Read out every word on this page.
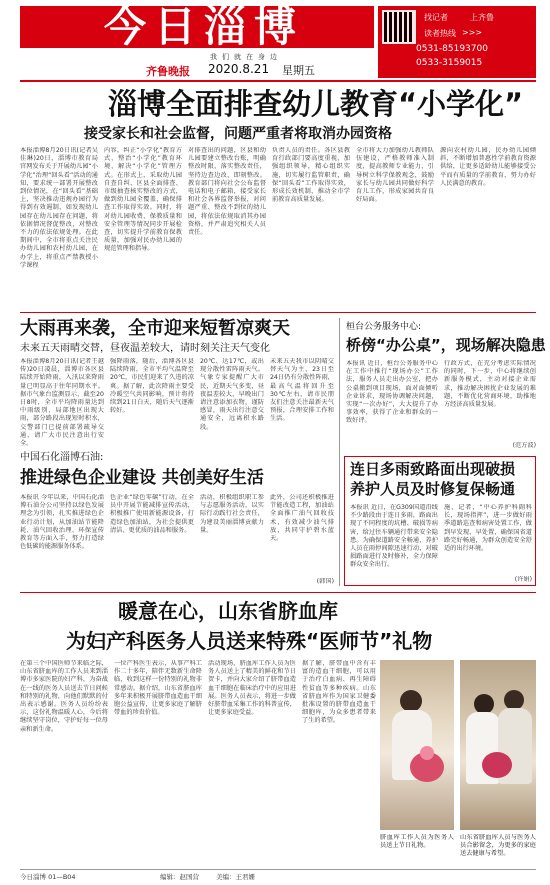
今日淄博
我们就在身边
齐鲁晚报 2020.8.21 星期五
找记者	上齐鲁
读者热线 >>>
0531-85193700
0533-3159015
淄博全面排查幼儿教育“小学化”
接受家长和社会监督，问题严重者将取消办园资格
本报淄博8月20日讯(记者吴佳琳)20日，淄博市教育局官网发布关于开展幼儿园“小学化”治理“回头看”活动的通知，要求统一部署开展整改到位情况，在“回头看”基础上，坚决推动违规办园行为得到有效遏制，如发现幼儿园存在幼儿园存在问题，将依据情况督促整改，对整改不力的依法依规处理。在此期间中，全市将重点关注民办幼儿园和农村幼儿园，在办学上，将重点严禁教授小学课程
内容，纠正“小学化”教育方式，整治“小学化”教育环境，解决“小学化”管理方式。在形式上，采取幼儿园自查自纠、区县全面排查、市级抽查核实整改的方式，做到幼儿园全覆盖，确保排查工作取得实效。同时，将对幼儿园收费、保教质量和安全管理等情况同步开展检查，切实提升学前教育保教质量，加强对民办幼儿园的规范管理和指导。
对排查出的问题，区县和幼儿园要建立整改台账，明确整改时限，落实整改责任，坚持边查边改、即刻整改。教育部门将向社会公布监督电话和电子邮箱，接受家长和社会各界监督举报，对问题严重、整改不到位的幼儿园，将依法依规取消其办园资格，并严肃追究相关人员责任。
负责人员的责任。各区县教育行政部门要高度重视，加强组织领导，精心组织实施，切实履行监管职责，确保“回头看”工作取得实效，形成长效机制，推动全市学前教育高质量发展。
全市将大力加强幼儿教师队伍建设，严格教师准入制度，提高教师专业能力，引导树立科学保教观念，鼓励家长与幼儿园共同做好科学育儿工作，形成家园共育良好局面。
源向农村幼儿园，民办幼儿园倾斜，不断增加普惠性学前教育资源供给，让更多适龄幼儿能够接受公平而有质量的学前教育，努力办好人民满意的教育。
大雨再来袭，全市迎来短暂凉爽天
未来五天雨晴交替，昼夜温差较大，请时刻关注天气变化
本报淄博8月20日讯(记者王越传)20日凌晨，淄博市各区县陆续开始降雨，入汛以来降雨量已明显高于往年同期水平。据市气象台监测显示，截至20日8时，全市平均降雨量达到中雨级别，局部地区出现大雨，部分路段出现短时积水，交警部门已提前部署疏导交通，请广大市民注意出行安全。
强降雨落，随后，淄博各区县陆续降雨，全市平均气温降至20℃，市民们迎来了久违的凉爽。据了解，此次降雨主要受冷暖空气共同影响，预计将持续到21日白天，随后天气逐渐转好。
20℃、达17℃，或出现分散性雷阵雨天气。气象专家提醒广大市民，近期天气多变，昼夜温差较大，早晚出门请注意添加衣物，谨防感冒，雨天出行注意交通安全，远离积水路段。
未来五天我市以阴晴交替天气为主，23日至24日仍有分散性阵雨，最高气温将回升至30℃左右，请市民朋友们注意关注最新天气预报，合理安排工作和生活。
中国石化淄博石油:
推进绿色企业建设 共创美好生活
本报讯 今年以来，中国石化淄博石油分公司坚持以绿色发展理念为引领，扎实推进绿色企业行动计划，从加油站节能降耗、油气回收治理、环保宣传教育等方面入手，努力打造绿色低碳的能源服务体系。
色企业“绿色零碳”行动，在全员中开展节能减排宣传活动，积极推广使用新能源设备，打造绿色加油站，为社会提供更清洁、更优质的油品和服务。
活动，积极组织职工参与志愿服务活动，以实际行动践行社会责任，为建设美丽淄博贡献力量。
此外，公司还积极推进节能改造工程，加油站全面推广油气回收技术，有效减少油气排放，共同守护碧水蓝天。
(韩国)
桓台公务服务中心:
桥傍“办公桌”，现场解决隐患
本报讯 近日，桓台公务服务中心在工作中推行“现场办公”工作法，服务人员走出办公室，把办公桌搬到项目现场，面对面倾听企业诉求，现场协调解决问题，实现“一次办好”，大大提升了办事效率，获得了企业和群众的一致好评。
行政方式，在充分考虑实际情况的同时，下一步，中心将继续创新服务模式，主动对接企业需求，推动解决困扰企业发展的难题，不断优化营商环境，助推地方经济高质量发展。
(范方波)
连日多雨致路面出现破损
养护人员及时修复保畅通
本报讯 近日，在G309国道沿线不少路段由于连日多雨，路面出现了不同程度的坑槽、破损等病害，给过往车辆通行带来安全隐患。为确保道路安全畅通，养护人员在雨停间隙迅速行动，对破损路面进行及时修补，全力保障群众安全出行。
施，记者，“中心养护科副科长，现场指挥”，进一步做好雨季道路巡查和病害处置工作，做到早发现、早处置，确保国省道路完好畅通，为群众创造安全舒适的出行环境。
(许娟)
暖意在心，山东省脐血库
为妇产科医务人员送来特殊“医师节”礼物
在第三个中国医师节来临之际，山东省脐血库的工作人员来到淄博市多家医院的妇产科，为奋战在一线的医务人员送去节日问候和特别的礼物，向他们默默的付出表示感谢。医务人员纷纷表示，这份礼物温暖人心，今后将继续坚守岗位，守护好每一位母亲和新生命。
一位产科医生表示，从事产科工作二十多年，陪伴无数新生命降临，收到这样一份特别的礼物非常感动。据介绍，山东省脐血库多年来积极开展脐带血造血干细胞公益宣传，让更多家庭了解脐带血的珍贵价值。
活动现场，脐血库工作人员为医务人员送上了精美的鲜花和节日贺卡，并向大家介绍了脐带血造血干细胞在临床治疗中的应用进展。医务人员表示，将进一步做好脐带血采集工作的科普宣传，让更多家庭受益。
据了解，脐带血中含有丰富的造血干细胞，可以用于治疗白血病、再生障碍性贫血等多种疾病。山东省脐血库作为国家卫健委批准设置的脐带血造血干细胞库，为众多患者带来了生的希望。
脐血库工作人员为医务人员送上节日礼物。
山东省脐血库人员与医务人员合影留念，为更多的家庭送去健康与希望。
今日淄博 01—B04	编辑：赵国营	美编：王君姗
